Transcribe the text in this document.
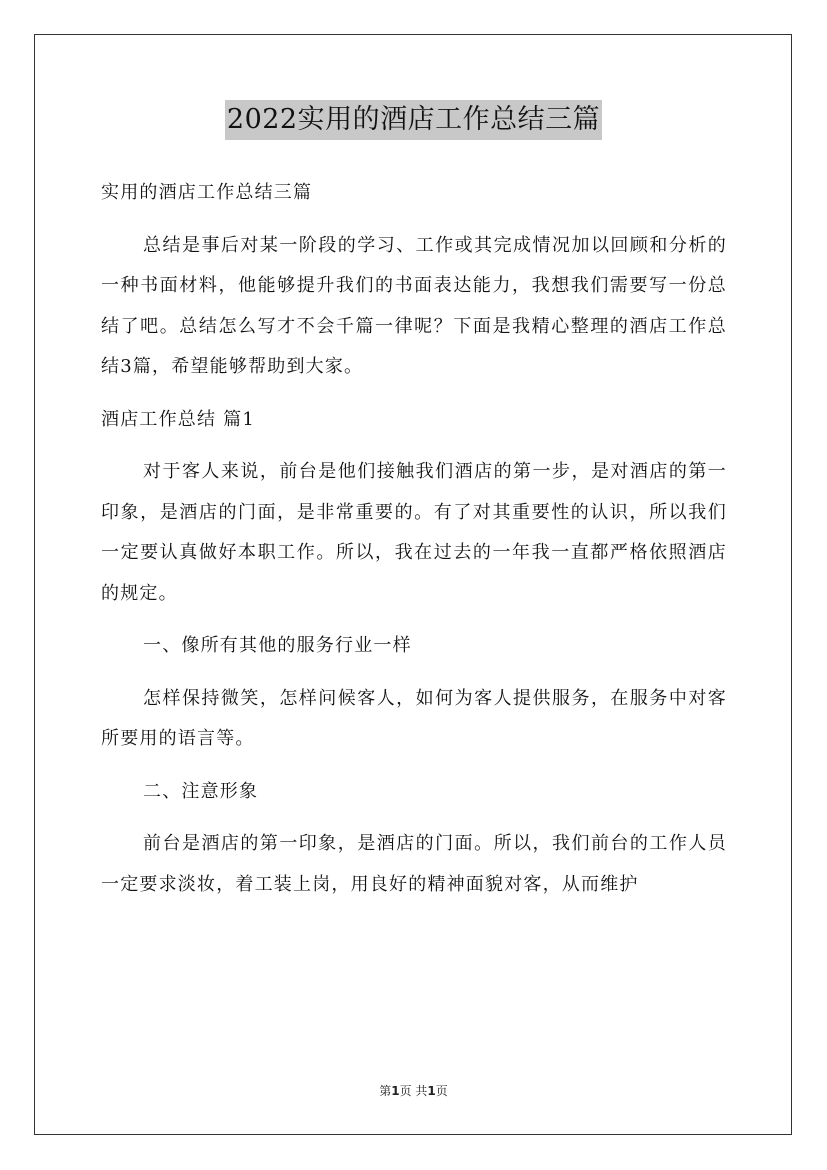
2022实用的酒店工作总结三篇

实用的酒店工作总结三篇

总结是事后对某一阶段的学习、工作或其完成情况加以回顾和分析的一种书面材料，他能够提升我们的书面表达能力，我想我们需要写一份总结了吧。总结怎么写才不会千篇一律呢？下面是我精心整理的酒店工作总结3篇，希望能够帮助到大家。

酒店工作总结 篇1

对于客人来说，前台是他们接触我们酒店的第一步，是对酒店的第一印象，是酒店的门面，是非常重要的。有了对其重要性的认识，所以我们一定要认真做好本职工作。所以，我在过去的一年我一直都严格依照酒店的规定。

一、像所有其他的服务行业一样

怎样保持微笑，怎样问候客人，如何为客人提供服务，在服务中对客所要用的语言等。

二、注意形象

前台是酒店的第一印象，是酒店的门面。所以，我们前台的工作人员一定要求淡妆，着工装上岗，用良好的精神面貌对客，从而维护

第1页 共1页
